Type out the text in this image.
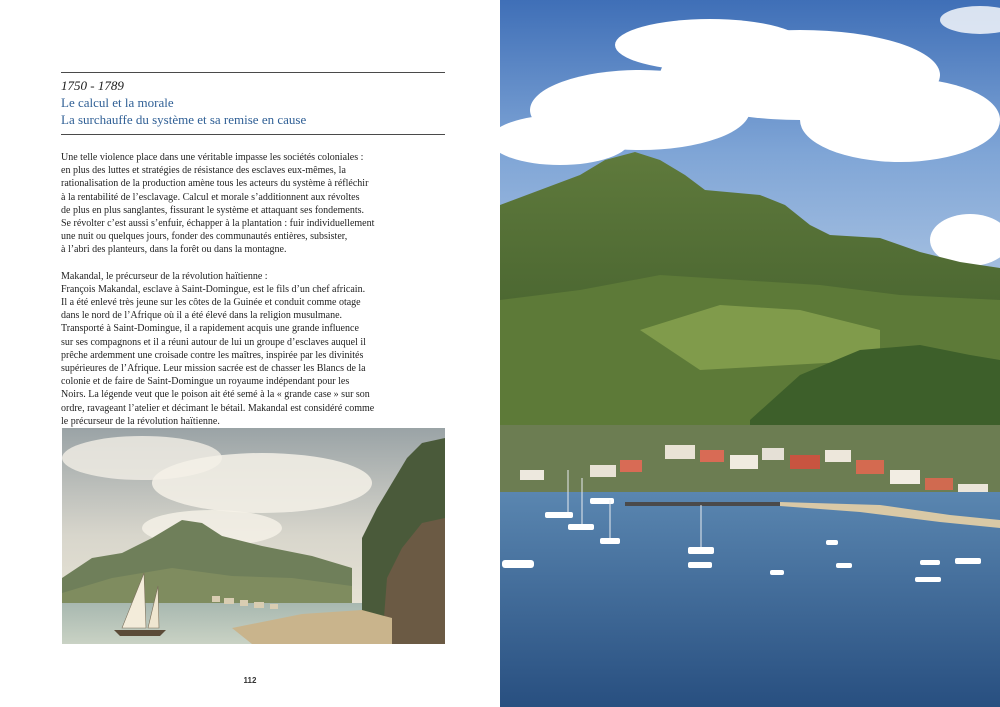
1750 - 1789
Le calcul et la morale
La surchauffe du système et sa remise en cause

Une telle violence place dans une véritable impasse les sociétés coloniales :
en plus des luttes et stratégies de résistance des esclaves eux-mêmes, la
rationalisation de la production amène tous les acteurs du système à réfléchir
à la rentabilité de l’esclavage. Calcul et morale s’additionnent aux révoltes
de plus en plus sanglantes, fissurant le système et attaquant ses fondements.
Se révolter c’est aussi s’enfuir, échapper à la plantation : fuir individuellement
une nuit ou quelques jours, fonder des communautés entières, subsister,
à l’abri des planteurs, dans la forêt ou dans la montagne.

Makandal, le précurseur de la révolution haïtienne :
François Makandal, esclave à Saint-Domingue, est le fils d’un chef africain.
Il a été enlevé très jeune sur les côtes de la Guinée et conduit comme otage
dans le nord de l’Afrique où il a été élevé dans la religion musulmane.
Transporté à Saint-Domingue, il a rapidement acquis une grande influence
sur ses compagnons et il a réuni autour de lui un groupe d’esclaves auquel il
prêche ardemment une croisade contre les maîtres, inspirée par les divinités
supérieures de l’Afrique. Leur mission sacrée est de chasser les Blancs de la
colonie et de faire de Saint-Domingue un royaume indépendant pour les
Noirs. La légende veut que le poison ait été semé à la « grande case » sur son
ordre, ravageant l’atelier et décimant le bétail. Makandal est considéré comme
le précurseur de la révolution haïtienne.

112
